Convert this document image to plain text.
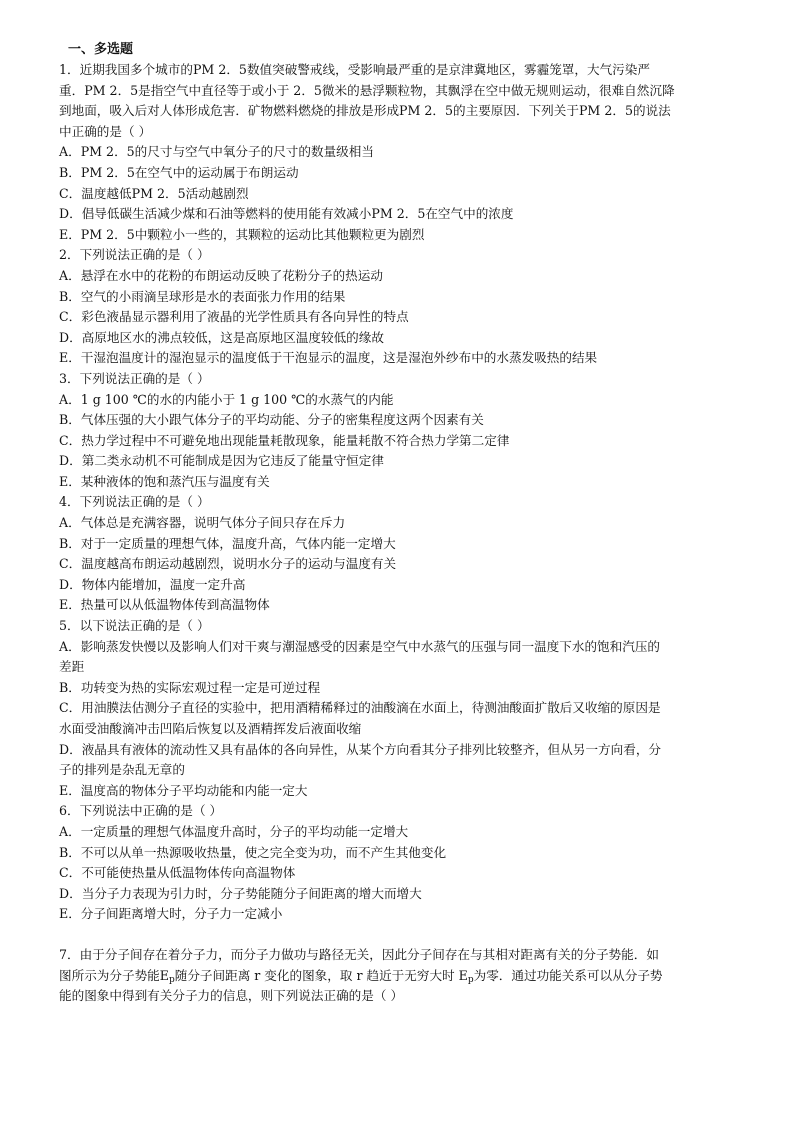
一、多选题
1．近期我国多个城市的PM 2．5数值突破警戒线，受影响最严重的是京津冀地区，雾霾笼罩，大气污染严
重．PM 2．5是指空气中直径等于或小于 2．5微米的悬浮颗粒物，其飘浮在空中做无规则运动，很难自然沉降
到地面，吸入后对人体形成危害．矿物燃料燃烧的排放是形成PM 2．5的主要原因．下列关于PM 2．5的说法
中正确的是（ ）
A．PM 2．5的尺寸与空气中氧分子的尺寸的数量级相当
B．PM 2．5在空气中的运动属于布朗运动
C．温度越低PM 2．5活动越剧烈
D．倡导低碳生活减少煤和石油等燃料的使用能有效减小PM 2．5在空气中的浓度
E．PM 2．5中颗粒小一些的，其颗粒的运动比其他颗粒更为剧烈
2．下列说法正确的是（ ）
A．悬浮在水中的花粉的布朗运动反映了花粉分子的热运动
B．空气的小雨滴呈球形是水的表面张力作用的结果
C．彩色液晶显示器利用了液晶的光学性质具有各向异性的特点
D．高原地区水的沸点较低，这是高原地区温度较低的缘故
E．干湿泡温度计的湿泡显示的温度低于干泡显示的温度，这是湿泡外纱布中的水蒸发吸热的结果
3．下列说法正确的是（ ）
A．1 g 100 ℃的水的内能小于 1 g 100 ℃的水蒸气的内能
B．气体压强的大小跟气体分子的平均动能、分子的密集程度这两个因素有关
C．热力学过程中不可避免地出现能量耗散现象，能量耗散不符合热力学第二定律
D．第二类永动机不可能制成是因为它违反了能量守恒定律
E．某种液体的饱和蒸汽压与温度有关
4．下列说法正确的是（ ）
A．气体总是充满容器，说明气体分子间只存在斥力
B．对于一定质量的理想气体，温度升高，气体内能一定增大
C．温度越高布朗运动越剧烈，说明水分子的运动与温度有关
D．物体内能增加，温度一定升高
E．热量可以从低温物体传到高温物体
5．以下说法正确的是（ ）
A．影响蒸发快慢以及影响人们对干爽与潮湿感受的因素是空气中水蒸气的压强与同一温度下水的饱和汽压的
差距
B．功转变为热的实际宏观过程一定是可逆过程
C．用油膜法估测分子直径的实验中，把用酒精稀释过的油酸滴在水面上，待测油酸面扩散后又收缩的原因是
水面受油酸滴冲击凹陷后恢复以及酒精挥发后液面收缩
D．液晶具有液体的流动性又具有晶体的各向异性，从某个方向看其分子排列比较整齐，但从另一方向看，分
子的排列是杂乱无章的
E．温度高的物体分子平均动能和内能一定大
6．下列说法中正确的是（ ）
A．一定质量的理想气体温度升高时，分子的平均动能一定增大
B．不可以从单一热源吸收热量，使之完全变为功，而不产生其他变化
C．不可能使热量从低温物体传向高温物体
D．当分子力表现为引力时，分子势能随分子间距离的增大而增大
E．分子间距离增大时，分子力一定减小
7．由于分子间存在着分子力，而分子力做功与路径无关，因此分子间存在与其相对距离有关的分子势能．如
图所示为分子势能$E_p$随分子间距离 r 变化的图象，取 r 趋近于无穷大时 $E_p$为零．通过功能关系可以从分子势
能的图象中得到有关分子力的信息，则下列说法正确的是（ ）
